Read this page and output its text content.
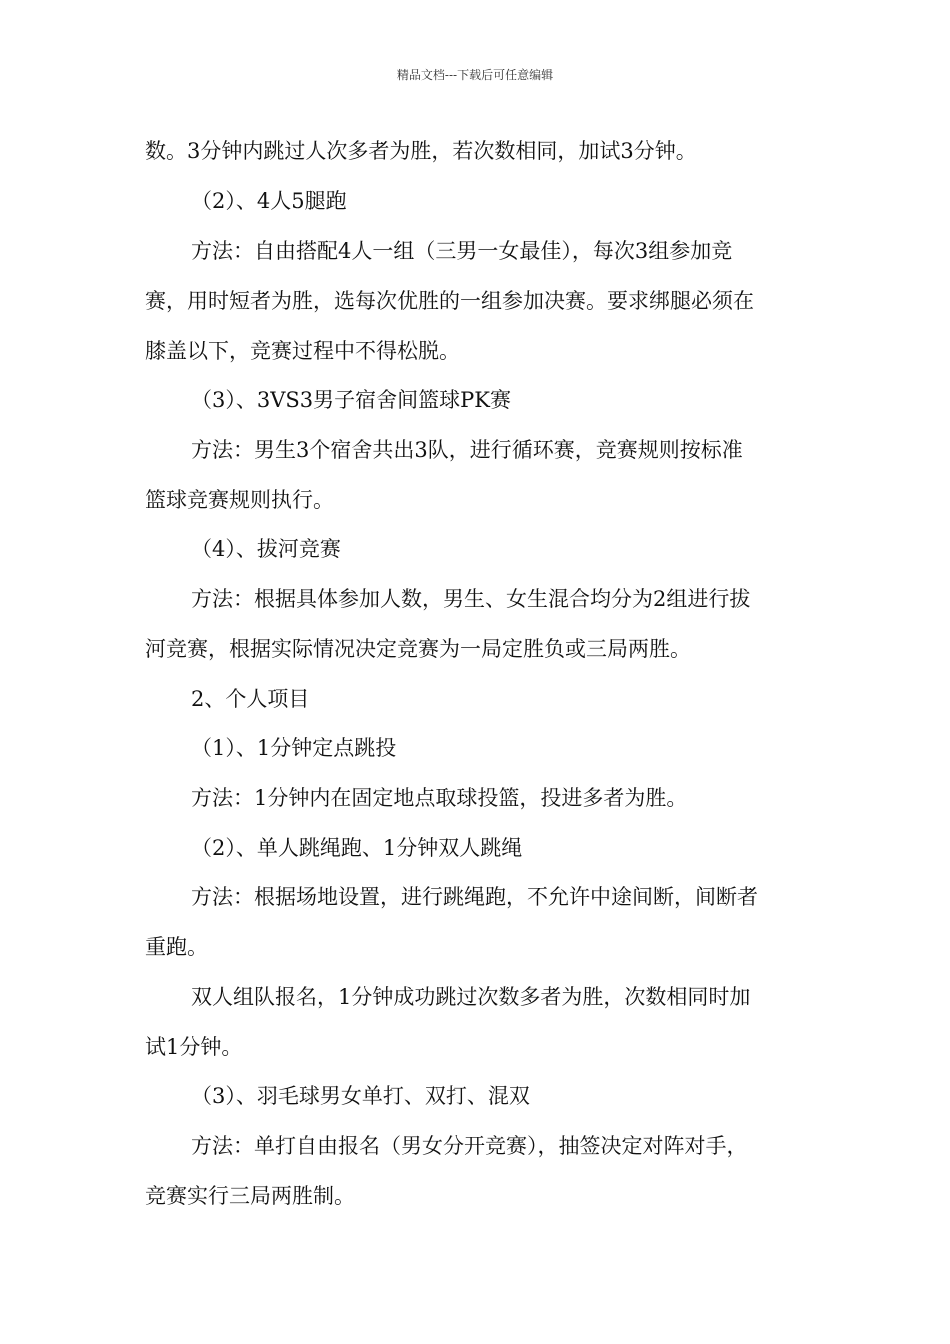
精品文档---下载后可任意编辑
数。3分钟内跳过人次多者为胜，若次数相同，加试3分钟。
（2）、4人5腿跑
方法：自由搭配4人一组（三男一女最佳），每次3组参加竞
赛，用时短者为胜，选每次优胜的一组参加决赛。要求绑腿必须在
膝盖以下，竞赛过程中不得松脱。
（3）、3VS3男子宿舍间篮球PK赛
方法：男生3个宿舍共出3队，进行循环赛，竞赛规则按标准
篮球竞赛规则执行。
（4）、拔河竞赛
方法：根据具体参加人数，男生、女生混合均分为2组进行拔
河竞赛，根据实际情况决定竞赛为一局定胜负或三局两胜。
2、个人项目
（1）、1分钟定点跳投
方法：1分钟内在固定地点取球投篮，投进多者为胜。
（2）、单人跳绳跑、1分钟双人跳绳
方法：根据场地设置，进行跳绳跑，不允许中途间断，间断者
重跑。
双人组队报名，1分钟成功跳过次数多者为胜，次数相同时加
试1分钟。
（3）、羽毛球男女单打、双打、混双
方法：单打自由报名（男女分开竞赛），抽签决定对阵对手，
竞赛实行三局两胜制。
